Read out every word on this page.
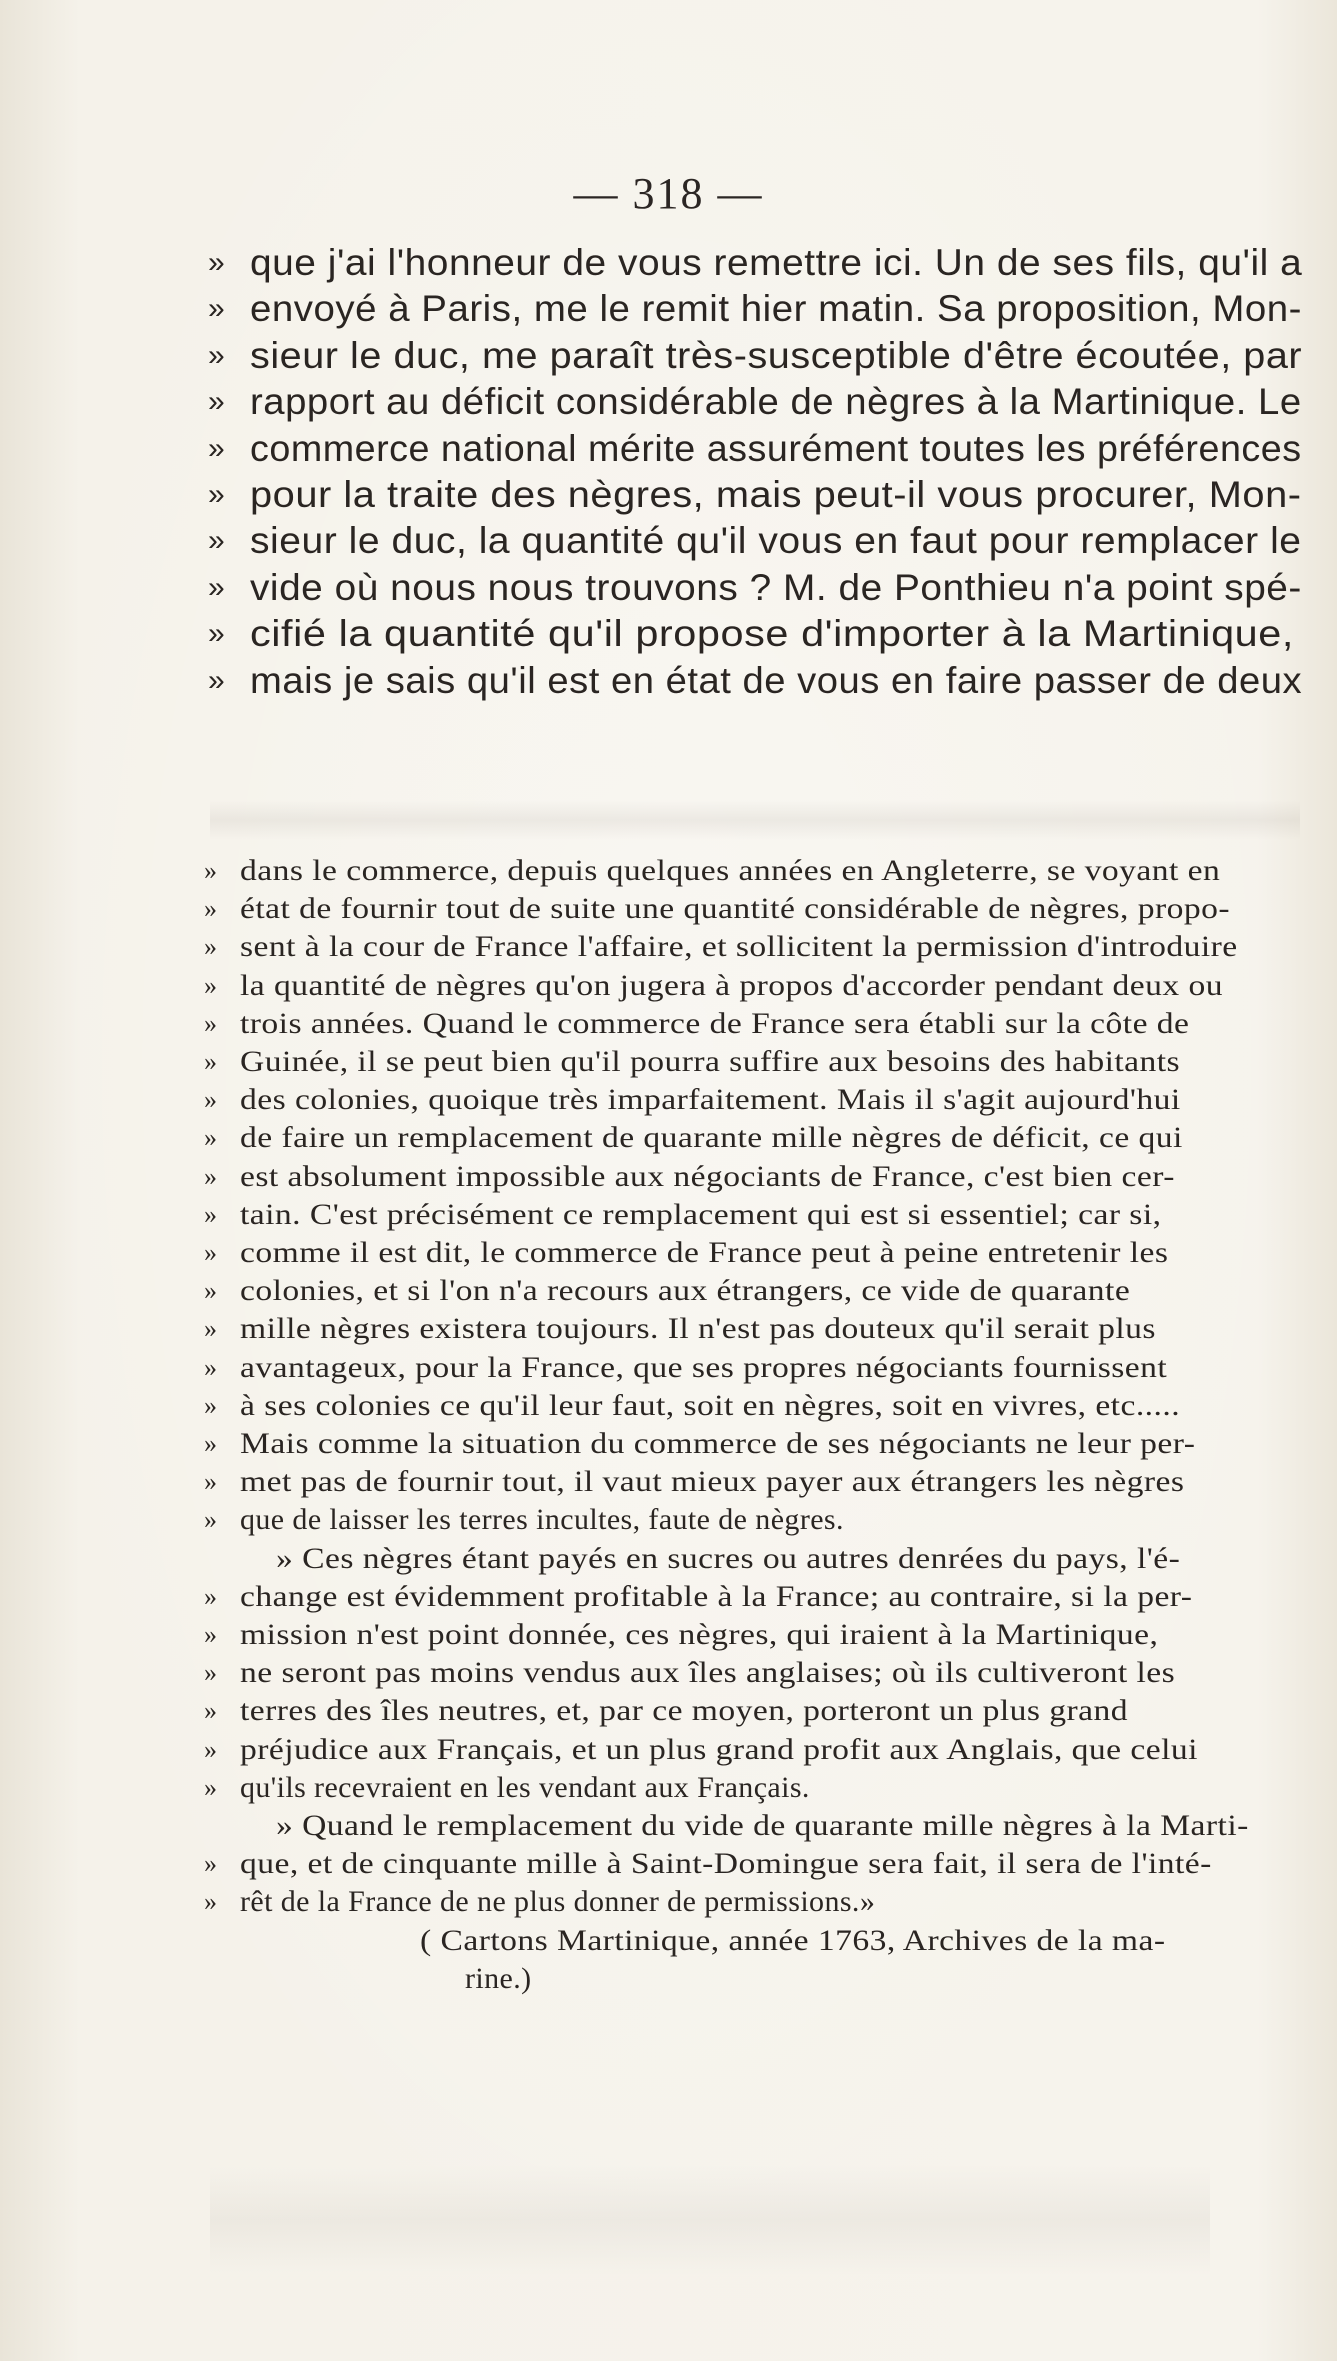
— 318 —
» que j'ai l'honneur de vous remettre ici. Un de ses fils, qu'il a
» envoyé à Paris, me le remit hier matin. Sa proposition, Mon-
» sieur le duc, me paraît très-susceptible d'être écoutée, par
» rapport au déficit considérable de nègres à la Martinique. Le
» commerce national mérite assurément toutes les préférences
» pour la traite des nègres, mais peut-il vous procurer, Mon-
» sieur le duc, la quantité qu'il vous en faut pour remplacer le
» vide où nous nous trouvons ? M. de Ponthieu n'a point spé-
» cifié la quantité qu'il propose d'importer à la Martinique,
» mais je sais qu'il est en état de vous en faire passer de deux
» dans le commerce, depuis quelques années en Angleterre, se voyant en
» état de fournir tout de suite une quantité considérable de nègres, propo-
» sent à la cour de France l'affaire, et sollicitent la permission d'introduire
» la quantité de nègres qu'on jugera à propos d'accorder pendant deux ou
» trois années. Quand le commerce de France sera établi sur la côte de
» Guinée, il se peut bien qu'il pourra suffire aux besoins des habitants
» des colonies, quoique très imparfaitement. Mais il s'agit aujourd'hui
» de faire un remplacement de quarante mille nègres de déficit, ce qui
» est absolument impossible aux négociants de France, c'est bien cer-
» tain. C'est précisément ce remplacement qui est si essentiel; car si,
» comme il est dit, le commerce de France peut à peine entretenir les
» colonies, et si l'on n'a recours aux étrangers, ce vide de quarante
» mille nègres existera toujours. Il n'est pas douteux qu'il serait plus
» avantageux, pour la France, que ses propres négociants fournissent
» à ses colonies ce qu'il leur faut, soit en nègres, soit en vivres, etc.....
» Mais comme la situation du commerce de ses négociants ne leur per-
» met pas de fournir tout, il vaut mieux payer aux étrangers les nègres
» que de laisser les terres incultes, faute de nègres.
» Ces nègres étant payés en sucres ou autres denrées du pays, l'é-
» change est évidemment profitable à la France; au contraire, si la per-
» mission n'est point donnée, ces nègres, qui iraient à la Martinique,
» ne seront pas moins vendus aux îles anglaises; où ils cultiveront les
» terres des îles neutres, et, par ce moyen, porteront un plus grand
» préjudice aux Français, et un plus grand profit aux Anglais, que celui
» qu'ils recevraient en les vendant aux Français.
» Quand le remplacement du vide de quarante mille nègres à la Marti-
» que, et de cinquante mille à Saint-Domingue sera fait, il sera de l'inté-
» rêt de la France de ne plus donner de permissions.»
( Cartons Martinique, année 1763, Archives de la ma-
rine.)
